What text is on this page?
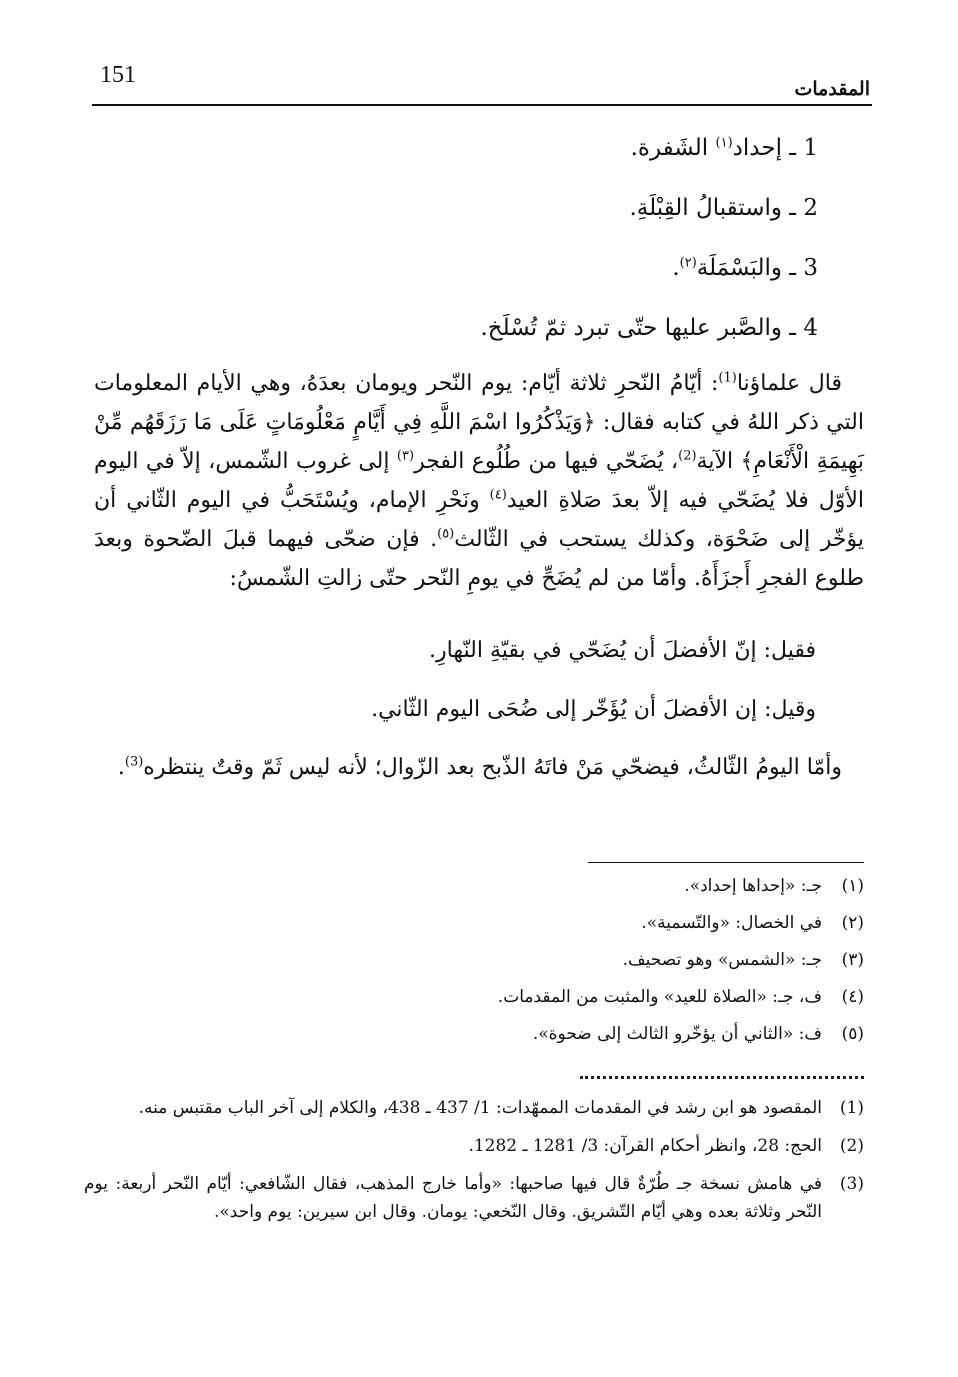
151
المقدمات
1 ـ إحداد$^{(١)}$ الشَفرة.
2 ـ واستقبالُ القِبْلَةِ.
3 ـ والبَسْمَلَة$^{(٢)}$.
4 ـ والصَّبر عليها حتّى تبرد ثمّ تُسْلَخ.
قال علماؤنا$^{(1)}$: أيّامُ النّحرِ ثلاثة أيّام: يوم النّحر ويومان بعدَهُ، وهي الأيام المعلومات التي ذكر اللهُ في كتابه فقال: ﴿وَيَذْكُرُوا اسْمَ اللَّهِ فِي أَيَّامٍ مَعْلُومَاتٍ عَلَى مَا رَزَقَهُم مِّنْ بَهِيمَةِ الْأَنْعَامِ﴾ الآية$^{(2)}$، يُضَحّي فيها من طُلُوع الفجر$^{(٣)}$ إلى غروب الشّمس، إلاّ في اليوم الأوّل فلا يُضَحّي فيه إلاّ بعدَ صَلاةِ العيد$^{(٤)}$ ونَحْرِ الإمام، ويُسْتَحَبُّ في اليوم الثّاني أن يؤخّر إلى ضَحْوَة، وكذلك يستحب في الثّالث$^{(٥)}$. فإن ضحّى فيهما قبلَ الضّحوة وبعدَ طلوع الفجرِ أَجزَأَهُ. وأمّا من لم يُضَحِّ في يومِ النّحر حتّى زالتِ الشّمسُ:
فقيل: إنّ الأفضلَ أن يُضَحّي في بقيّةِ النّهارِ.
وقيل: إن الأفضلَ أن يُؤَخّر إلى ضُحَى اليوم الثّاني.
وأمّا اليومُ الثّالثُ، فيضحّي مَنْ فاتَهُ الذّبح بعد الزّوال؛ لأنه ليس ثَمّ وقتٌ ينتظره$^{(3)}$.
(١)
جـ: «إحداها إحداد».
(٢)
في الخصال: «والتّسمية».
(٣)
جـ: «الشمس» وهو تصحيف.
(٤)
ف، جـ: «الصلاة للعيد» والمثبت من المقدمات.
(٥)
ف: «الثاني أن يؤخّرو الثالث إلى ضحوة».
(1)
المقصود هو ابن رشد في المقدمات الممهّدات: 1/ 437 ـ 438، والكلام إلى آخر الباب مقتبس منه.
(2)
الحج: 28، وانظر أحكام القرآن: 3/ 1281 ـ 1282.
(3)
في هامش نسخة جـ طُرّةٌ قال فيها صاحبها: «وأما خارج المذهب، فقال الشّافعي: أيّام النّحر أربعة: يوم النّحر وثلاثة بعده وهي أيّام التّشريق. وقال النّخعي: يومان. وقال ابن سيرين: يوم واحد».
